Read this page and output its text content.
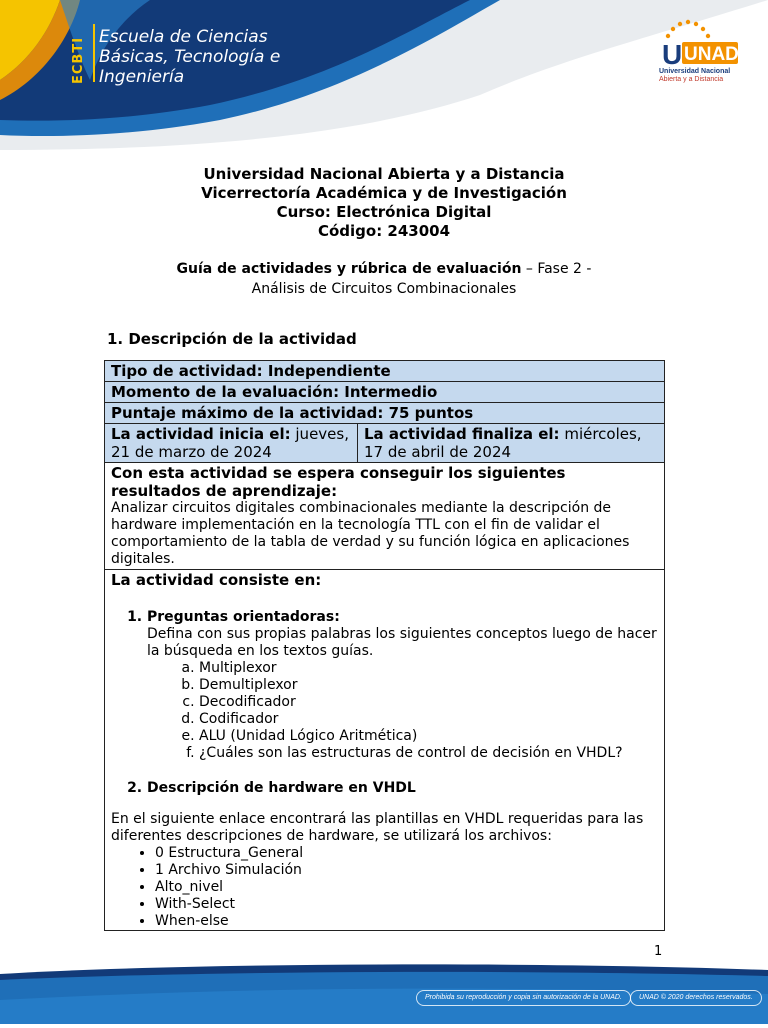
ECBTI Escuela de Ciencias
Básicas, Tecnología e
Ingeniería
U UNAD
Universidad Nacional
Abierta y a Distancia
Universidad Nacional Abierta y a Distancia
Vicerrectoría Académica y de Investigación
Curso: Electrónica Digital
Código: 243004
Guía de actividades y rúbrica de evaluación – Fase 2 -
Análisis de Circuitos Combinacionales
1. Descripción de la actividad
Tipo de actividad: Independiente
Momento de la evaluación: Intermedio
Puntaje máximo de la actividad: 75 puntos
La actividad inicia el: jueves, 21 de marzo de 2024	La actividad finaliza el: miércoles, 17 de abril de 2024

Con esta actividad se espera conseguir los siguientes resultados de aprendizaje:
Analizar circuitos digitales combinacionales mediante la descripción de hardware implementación en la tecnología TTL con el fin de validar el comportamiento de la tabla de verdad y su función lógica en aplicaciones digitales.

La actividad consiste en:
1. Preguntas orientadoras:
Defina con sus propias palabras los siguientes conceptos luego de hacer la búsqueda en los textos guías.
a. Multiplexor
b. Demultiplexor
c. Decodificador
d. Codificador
e. ALU (Unidad Lógico Aritmética)
f. ¿Cuáles son las estructuras de control de decisión en VHDL?
2. Descripción de hardware en VHDL
En el siguiente enlace encontrará las plantillas en VHDL requeridas para las diferentes descripciones de hardware, se utilizará los archivos:
• 0 Estructura_General
• 1 Archivo Simulación
• Alto_nivel
• With-Select
• When-else
1
Prohibida su reproducción y copia sin autorización de la UNAD.	UNAD © 2020 derechos reservados.
